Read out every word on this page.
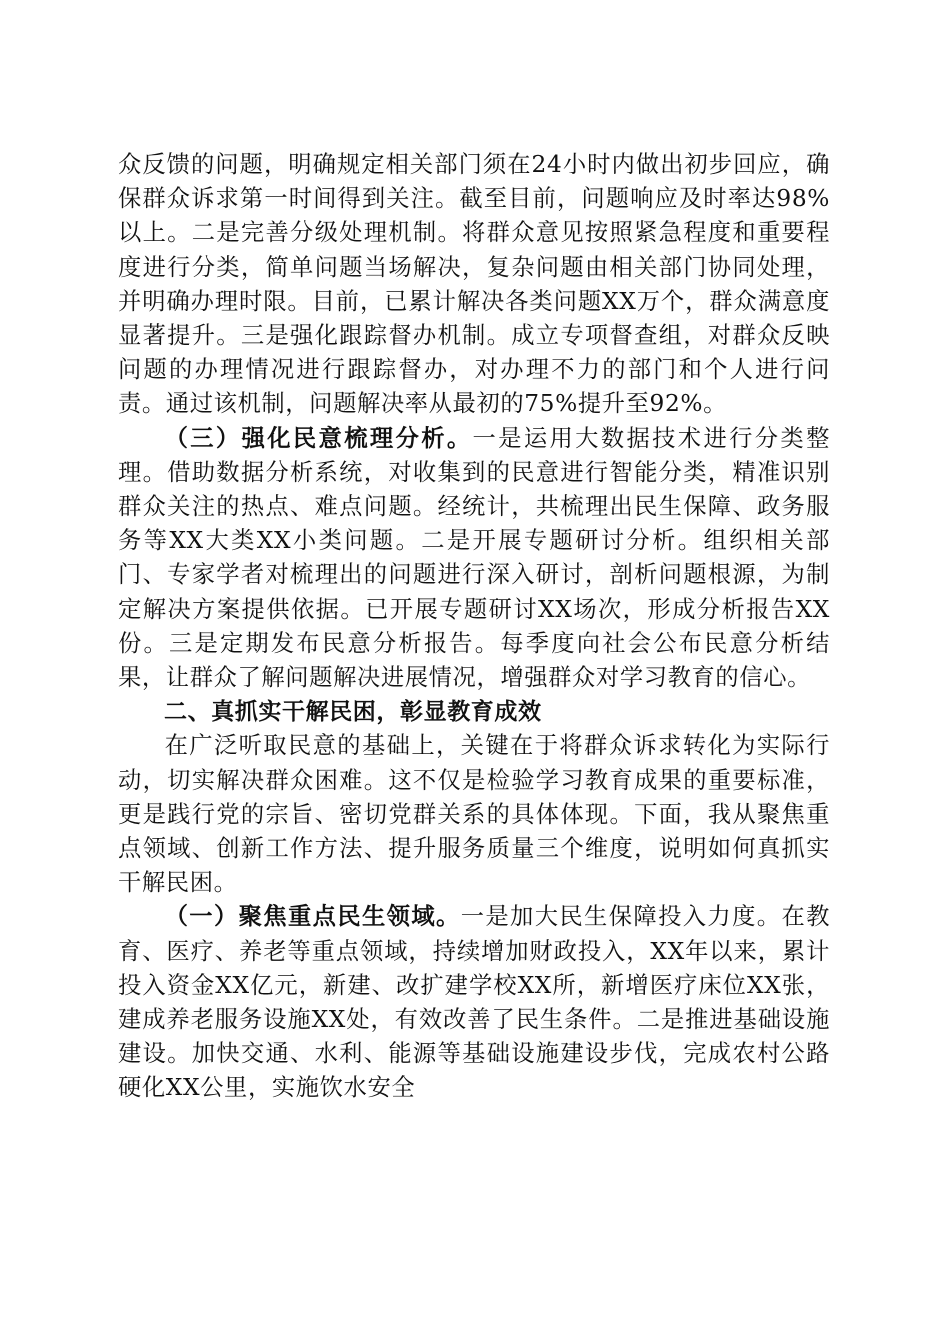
众反馈的问题，明确规定相关部门须在24小时内做出初步回应，确保群众诉求第一时间得到关注。截至目前，问题响应及时率达98%以上。二是完善分级处理机制。将群众意见按照紧急程度和重要程度进行分类，简单问题当场解决，复杂问题由相关部门协同处理，并明确办理时限。目前，已累计解决各类问题XX万个，群众满意度显著提升。三是强化跟踪督办机制。成立专项督查组，对群众反映问题的办理情况进行跟踪督办，对办理不力的部门和个人进行问责。通过该机制，问题解决率从最初的75%提升至92%。

（三）强化民意梳理分析。一是运用大数据技术进行分类整理。借助数据分析系统，对收集到的民意进行智能分类，精准识别群众关注的热点、难点问题。经统计，共梳理出民生保障、政务服务等XX大类XX小类问题。二是开展专题研讨分析。组织相关部门、专家学者对梳理出的问题进行深入研讨，剖析问题根源，为制定解决方案提供依据。已开展专题研讨XX场次，形成分析报告XX份。三是定期发布民意分析报告。每季度向社会公布民意分析结果，让群众了解问题解决进展情况，增强群众对学习教育的信心。

二、真抓实干解民困，彰显教育成效

在广泛听取民意的基础上，关键在于将群众诉求转化为实际行动，切实解决群众困难。这不仅是检验学习教育成果的重要标准，更是践行党的宗旨、密切党群关系的具体体现。下面，我从聚焦重点领域、创新工作方法、提升服务质量三个维度，说明如何真抓实干解民困。

（一）聚焦重点民生领域。一是加大民生保障投入力度。在教育、医疗、养老等重点领域，持续增加财政投入，XX年以来，累计投入资金XX亿元，新建、改扩建学校XX所，新增医疗床位XX张，建成养老服务设施XX处，有效改善了民生条件。二是推进基础设施建设。加快交通、水利、能源等基础设施建设步伐，完成农村公路硬化XX公里，实施饮水安全
